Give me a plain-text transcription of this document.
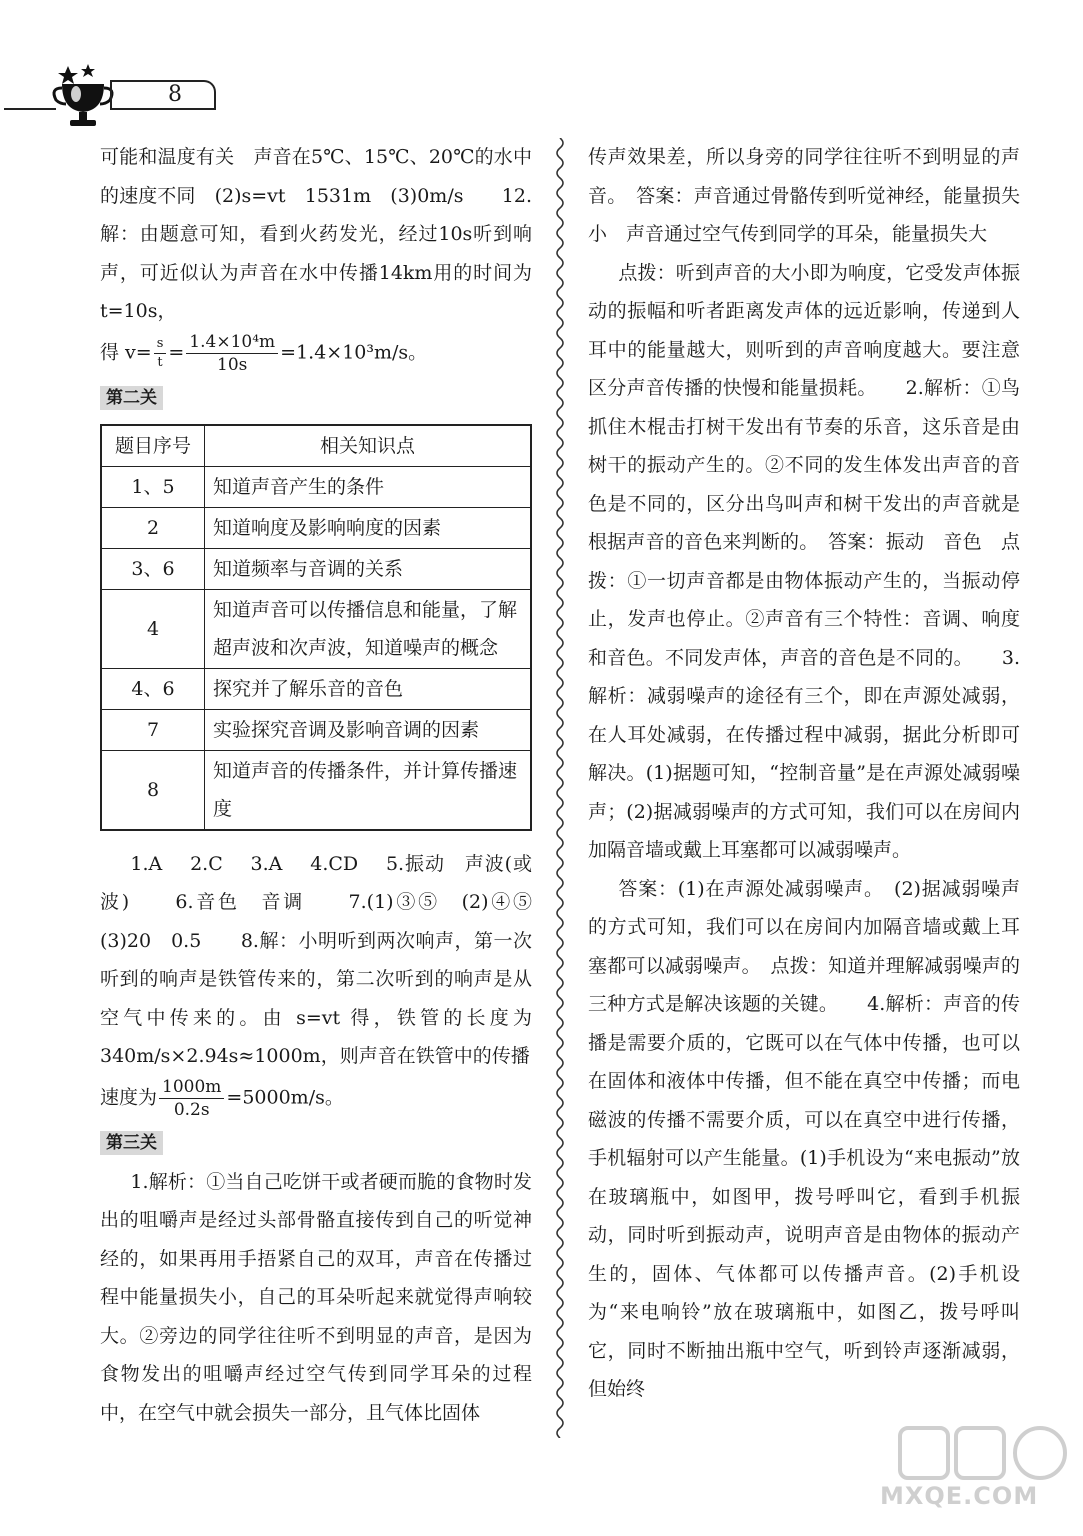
8

可能和温度有关　声音在5℃、15℃、20℃的水中的速度不同　(2)s=vt　1531m　(3)0m/s　　12.解：由题意可知，看到火药发光，经过10s听到响声，可近似认为声音在水中传播14km用的时间为t=10s，

得 $v= \frac{s}{t} = \frac{\text{1.4×10⁴m}}{10s} =1.4\times 10^3m/s$。

第二关
题目序号	相关知识点
1、5	知道声音产生的条件
2	知道响度及影响响度的因素
3、6	知道频率与音调的关系
4	知道声音可以传播信息和能量，了解超声波和次声波，知道噪声的概念
4、6	探究并了解乐音的音色
7	实验探究音调及影响音调的因素
8	知道声音的传播条件，并计算传播速度

1.A　 2.C　 3.A　 4.CD　 5.振动　声波(或波)　　6.音色　音调　　7.(1)③⑤　(2)④⑤　(3)20　0.5　　8.解：小明听到两次响声，第一次听到的响声是铁管传来的，第二次听到的响声是从空气中传来的。由 s=vt 得，铁管的长度为 340m/s×2.94s≈1000m，则声音在铁管中的传播

速度为 $\frac{1000m}{0.2s} =5000m/s$。

第三关

1.解析：①当自己吃饼干或者硬而脆的食物时发出的咀嚼声是经过头部骨骼直接传到自己的听觉神经的，如果再用手捂紧自己的双耳，声音在传播过程中能量损失小，自己的耳朵听起来就觉得声响较大。②旁边的同学往往听不到明显的声音，是因为食物发出的咀嚼声经过空气传到同学耳朵的过程中，在空气中就会损失一部分，且气体比固体

传声效果差，所以身旁的同学往往听不到明显的声音。　答案：声音通过骨骼传到听觉神经，能量损失小　声音通过空气传到同学的耳朵，能量损失大

点拨：听到声音的大小即为响度，它受发声体振动的振幅和听者距离发声体的远近影响，传递到人耳中的能量越大，则听到的声音响度越大。要注意区分声音传播的快慢和能量损耗。　　2.解析：①鸟抓住木棍击打树干发出有节奏的乐音，这乐音是由树干的振动产生的。②不同的发生体发出声音的音色是不同的，区分出鸟叫声和树干发出的声音就是根据声音的音色来判断的。　答案：振动　音色　点拨：①一切声音都是由物体振动产生的，当振动停止，发声也停止。②声音有三个特性：音调、响度和音色。不同发声体，声音的音色是不同的。　　3.解析：减弱噪声的途径有三个，即在声源处减弱，在人耳处减弱，在传播过程中减弱，据此分析即可解决。(1)据题可知，“控制音量”是在声源处减弱噪声；(2)据减弱噪声的方式可知，我们可以在房间内加隔音墙或戴上耳塞都可以减弱噪声。

答案：(1)在声源处减弱噪声。　(2)据减弱噪声的方式可知，我们可以在房间内加隔音墙或戴上耳塞都可以减弱噪声。　点拨：知道并理解减弱噪声的三种方式是解决该题的关键。　　4.解析：声音的传播是需要介质的，它既可以在气体中传播，也可以在固体和液体中传播，但不能在真空中传播；而电磁波的传播不需要介质，可以在真空中进行传播，手机辐射可以产生能量。(1)手机设为“来电振动”放在玻璃瓶中，如图甲，拨号呼叫它，看到手机振动，同时听到振动声，说明声音是由物体的振动产生的，固体、气体都可以传播声音。(2)手机设为“来电响铃”放在玻璃瓶中，如图乙，拨号呼叫它，同时不断抽出瓶中空气，听到铃声逐渐减弱，但始终

MXQE.COM
